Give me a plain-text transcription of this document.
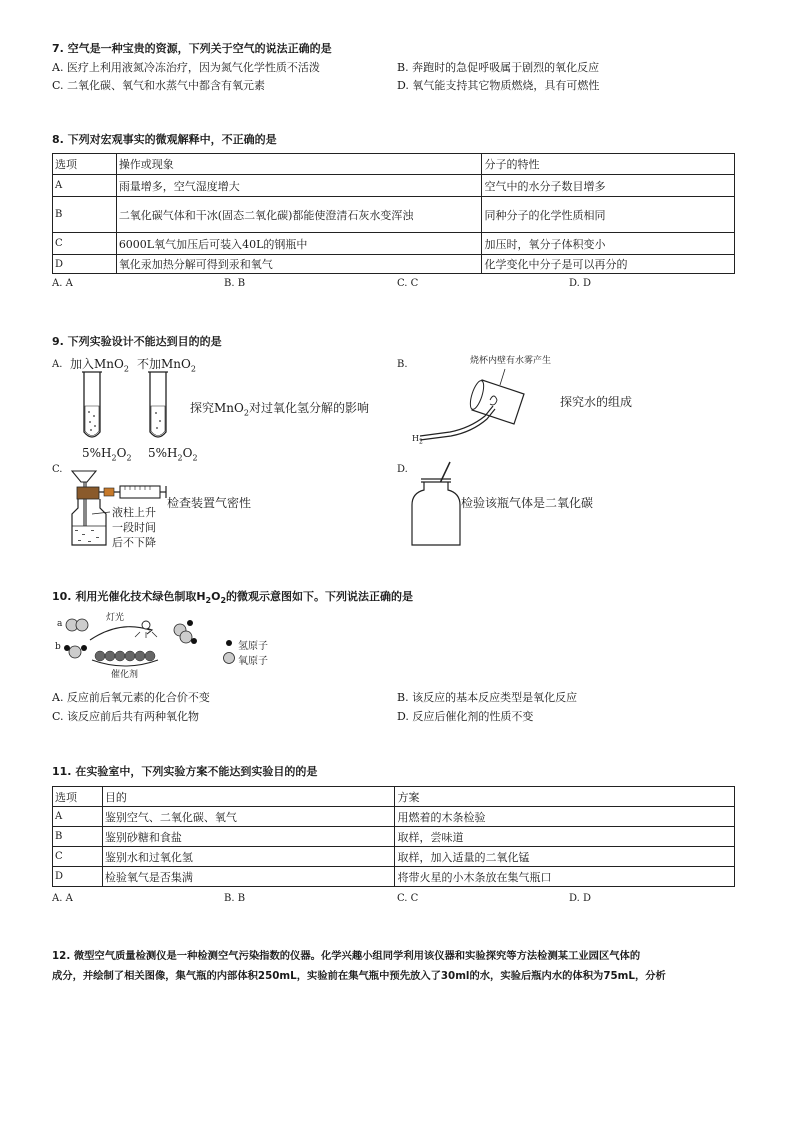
7. 空气是一种宝贵的资源，下列关于空气的说法正确的是
A. 医疗上利用液氮冷冻治疗，因为氮气化学性质不活泼	B. 奔跑时的急促呼吸属于剧烈的氧化反应
C. 二氧化碳、氧气和水蒸气中都含有氧元素	D. 氧气能支持其它物质燃烧，具有可燃性
8. 下列对宏观事实的微观解释中，不正确的是
选项	操作或现象	分子的特性
A	雨量增多，空气湿度增大	空气中的水分子数目增多
B	二氧化碳气体和干冰(固态二氧化碳)都能使澄清石灰水变浑浊	同种分子的化学性质相同
C	6000L氧气加压后可装入40L的钢瓶中	加压时，氧分子体积变小
D	氧化汞加热分解可得到汞和氧气	化学变化中分子是可以再分的
A. A	B. B	C. C	D. D
9. 下列实验设计不能达到目的的是
A. 加入MnO$_2$ 不加MnO$_2$
探究MnO$_2$对过氧化氢分解的影响
$5\%H_2O_2$ $5\%H_2O_2$
B.	烧杯内壁有水雾产生
探究水的组成
$H_2$
C.
检查装置气密性
液柱上升
一段时间
后不下降
D.
检验该瓶气体是二氧化碳
10. 利用光催化技术绿色制取$H_2O_2$的微观示意图如下。下列说法正确的是
a
b
灯光
催化剂
氢原子
氧原子
A. 反应前后氧元素的化合价不变	B. 该反应的基本反应类型是氧化反应
C. 该反应前后共有两种氧化物	D. 反应后催化剂的性质不变
11. 在实验室中，下列实验方案不能达到实验目的的是
选项	目的	方案
A	鉴别空气、二氧化碳、氧气	用燃着的木条检验
B	鉴别砂糖和食盐	取样，尝味道
C	鉴别水和过氧化氢	取样，加入适量的二氧化锰
D	检验氧气是否集满	将带火星的小木条放在集气瓶口
A. A	B. B	C. C	D. D
12. 微型空气质量检测仪是一种检测空气污染指数的仪器。化学兴趣小组同学利用该仪器和实验探究等方法检测某工业园区气体的
成分，并绘制了相关图像，集气瓶的内部体积250mL，实验前在集气瓶中预先放入了30ml的水，实验后瓶内水的体积为75mL，分析
